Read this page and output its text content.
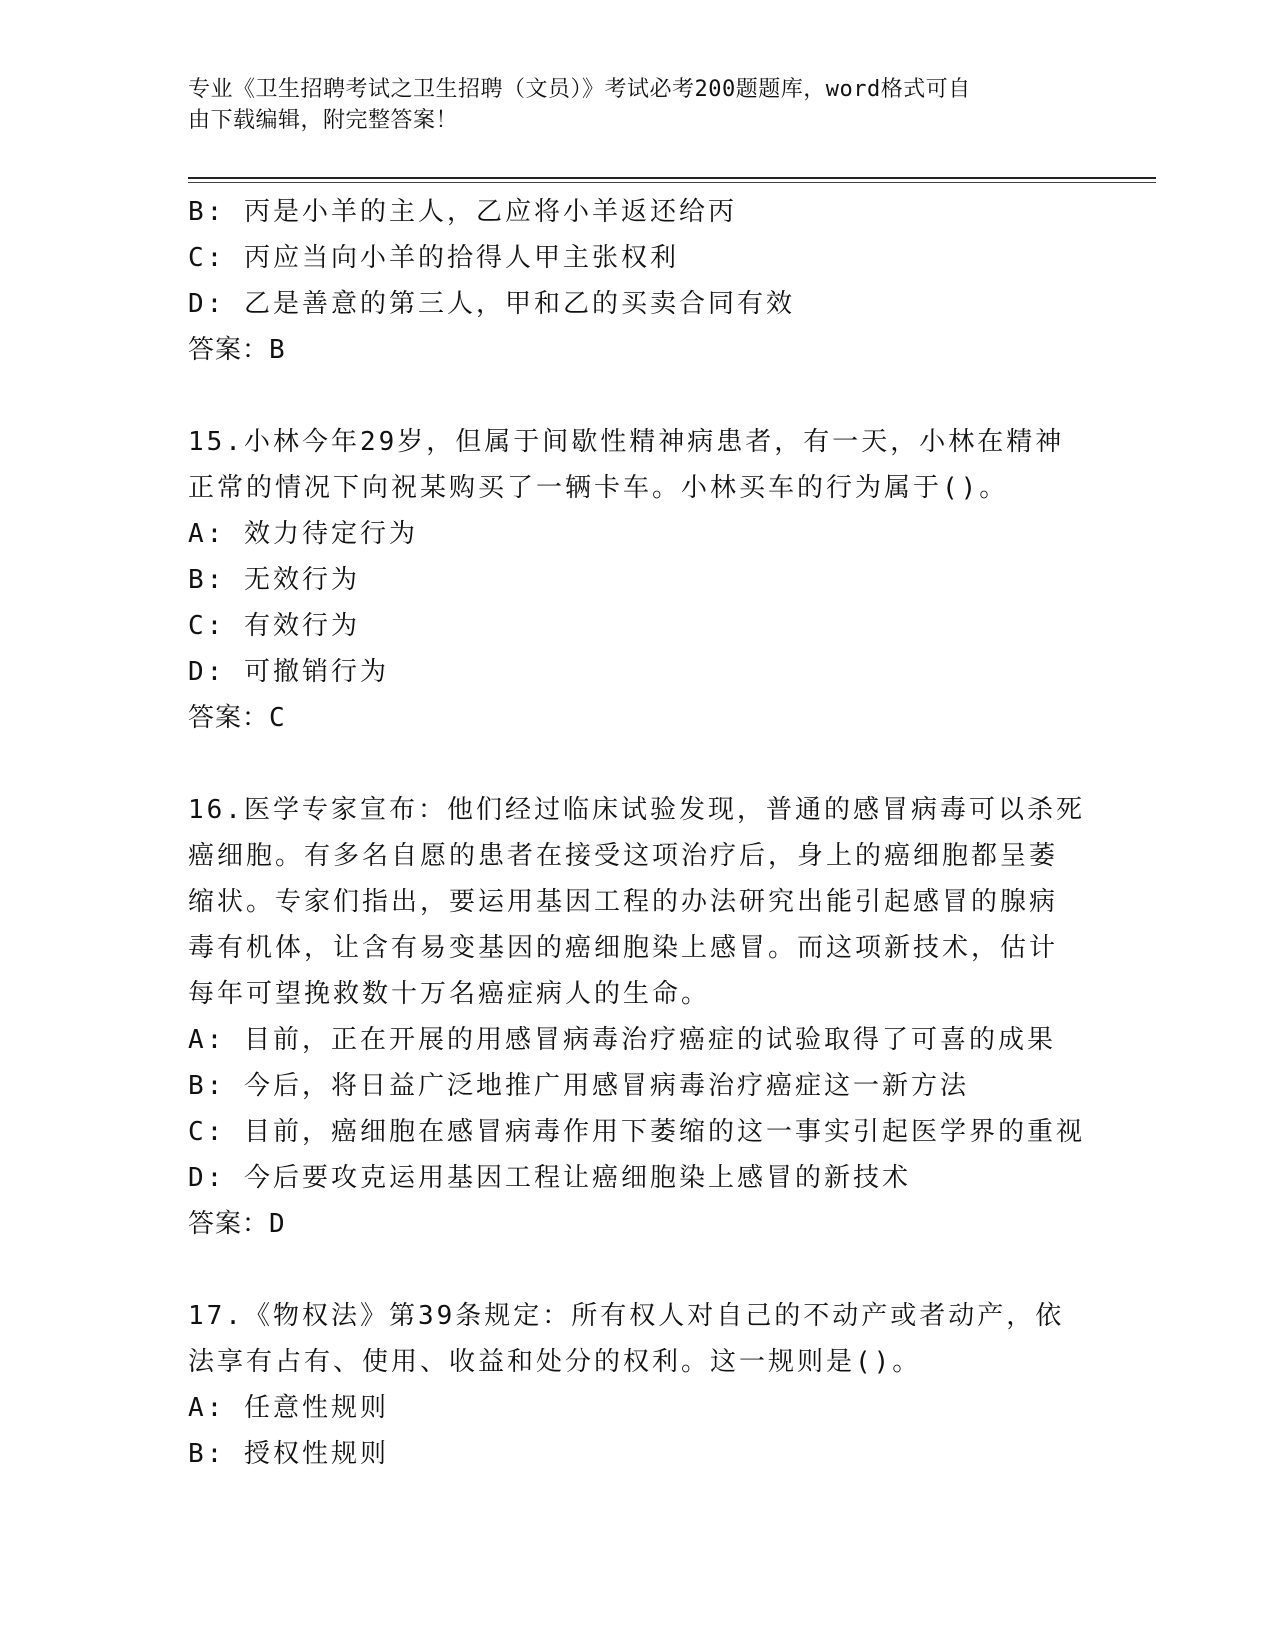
专业《卫生招聘考试之卫生招聘（文员）》考试必考200题题库，word格式可自
由下载编辑，附完整答案！
B: 丙是小羊的主人，乙应将小羊返还给丙
C: 丙应当向小羊的拾得人甲主张权利
D: 乙是善意的第三人，甲和乙的买卖合同有效
答案：B
15.小林今年29岁，但属于间歇性精神病患者，有一天，小林在精神
正常的情况下向祝某购买了一辆卡车。小林买车的行为属于()。
A: 效力待定行为
B: 无效行为
C: 有效行为
D: 可撤销行为
答案：C
16.医学专家宣布：他们经过临床试验发现，普通的感冒病毒可以杀死
癌细胞。有多名自愿的患者在接受这项治疗后，身上的癌细胞都呈萎
缩状。专家们指出，要运用基因工程的办法研究出能引起感冒的腺病
毒有机体，让含有易变基因的癌细胞染上感冒。而这项新技术，估计
每年可望挽救数十万名癌症病人的生命。
A: 目前，正在开展的用感冒病毒治疗癌症的试验取得了可喜的成果
B: 今后，将日益广泛地推广用感冒病毒治疗癌症这一新方法
C: 目前，癌细胞在感冒病毒作用下萎缩的这一事实引起医学界的重视
D: 今后要攻克运用基因工程让癌细胞染上感冒的新技术
答案：D
17.《物权法》第39条规定：所有权人对自己的不动产或者动产，依
法享有占有、使用、收益和处分的权利。这一规则是()。
A: 任意性规则
B: 授权性规则
